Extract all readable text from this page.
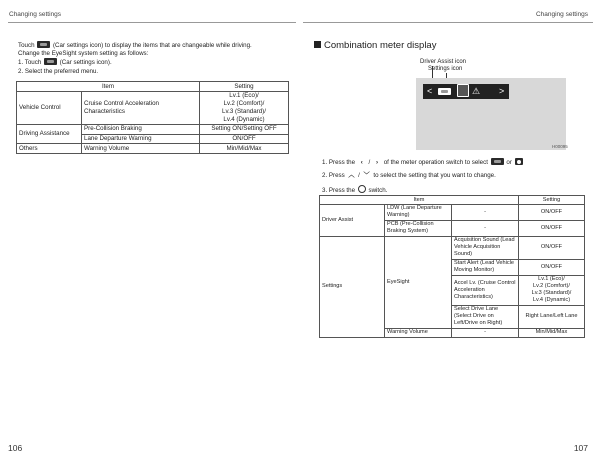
Changing settings	Changing settings
Touch	(Car settings icon) to display the items that are changeable while driving.
Change the EyeSight system setting as follows:
1. Touch	(Car settings icon).
2. Select the preferred menu.
Item		Setting
Vehicle Control	Cruise Control Acceleration Characteristics	Lv.1 (Eco)/
Lv.2 (Comfort)/
Lv.3 (Standard)/
Lv.4 (Dynamic)

Driving Assistance	Pre-Collision Braking	Setting ON/Setting OFF
	Lane Departure Warning	ON/OFF
Others	Warning Volume	Min/Mid/Max
106
Combination meter display
Driver Assist icon
Settings icon
<	⚠ >
H00095
1. Press the ‹ / › of the meter operation switch to select	or
2. Press ︿ / ﹀ to select the setting that you want to change.
3. Press the switch.
Item			Setting
Driver Assist	LDW (Lane Departure Warning)	-	ON/OFF
	PCB (Pre-Collision Braking System)	-	ON/OFF
Settings	EyeSight	Acquisition Sound (Lead Vehicle Acquisition Sound)	ON/OFF
		Start Alert (Lead Vehicle Moving Monitor)	ON/OFF
		Accel Lv. (Cruise Control Acceleration Characteristics)	Lv.1 (Eco)/
Lv.2 (Comfort)/
Lv.3 (Standard)/
Lv.4 (Dynamic)

		Select Drive Lane (Select Drive on Left/Drive on Right)	Right Lane/Left Lane
	Warning Volume	-	Min/Mid/Max
107
